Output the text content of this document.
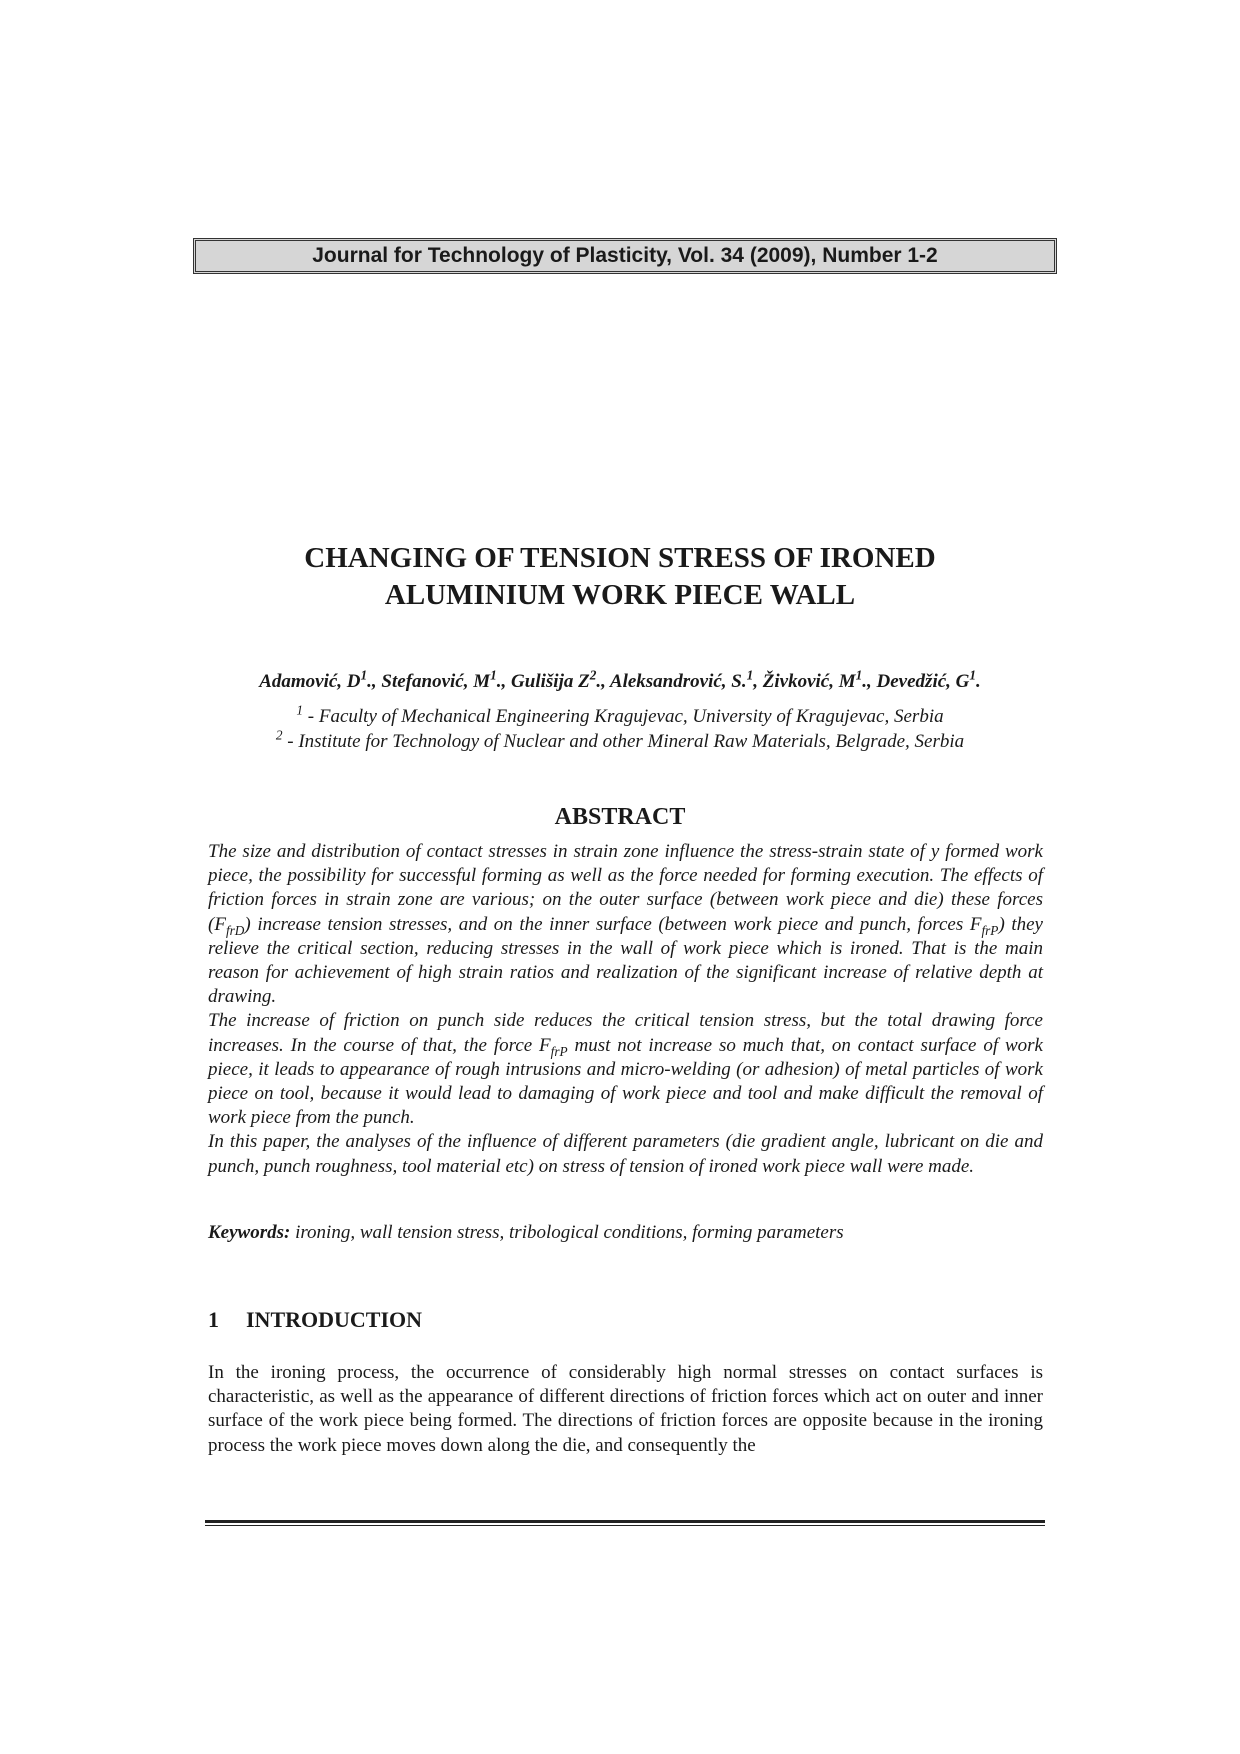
Journal for Technology of Plasticity, Vol. 34 (2009), Number 1-2
CHANGING OF TENSION STRESS OF IRONED
ALUMINIUM WORK PIECE WALL
Adamović, $D^1$., Stefanović, $M^1$., Gulišija $Z^2$., Aleksandrović, S.$^1$, Živković, $M^1$., Devedžić, $G^1$.
$^1$ - Faculty of Mechanical Engineering Kragujevac, University of Kragujevac, Serbia
$^2$ - Institute for Technology of Nuclear and other Mineral Raw Materials, Belgrade, Serbia
ABSTRACT

The size and distribution of contact stresses in strain zone influence the stress-strain state of y formed work piece, the possibility for successful forming as well as the force needed for forming execution. The effects of friction forces in strain zone are various; on the outer surface (between work piece and die) these forces $(F_{frD})$ increase tension stresses, and on the inner surface (between work piece and punch, forces $F_{frP}$) they relieve the critical section, reducing stresses in the wall of work piece which is ironed. That is the main reason for achievement of high strain ratios and realization of the significant increase of relative depth at drawing.

The increase of friction on punch side reduces the critical tension stress, but the total drawing force increases. In the course of that, the force $F_{frP}$ must not increase so much that, on contact surface of work piece, it leads to appearance of rough intrusions and micro-welding (or adhesion) of metal particles of work piece on tool, because it would lead to damaging of work piece and tool and make difficult the removal of work piece from the punch.

In this paper, the analyses of the influence of different parameters (die gradient angle, lubricant on die and punch, punch roughness, tool material etc) on stress of tension of ironed work piece wall were made.

Keywords: ironing, wall tension stress, tribological conditions, forming parameters
1 INTRODUCTION

In the ironing process, the occurrence of considerably high normal stresses on contact surfaces is characteristic, as well as the appearance of different directions of friction forces which act on outer and inner surface of the work piece being formed. The directions of friction forces are opposite because in the ironing process the work piece moves down along the die, and consequently the
